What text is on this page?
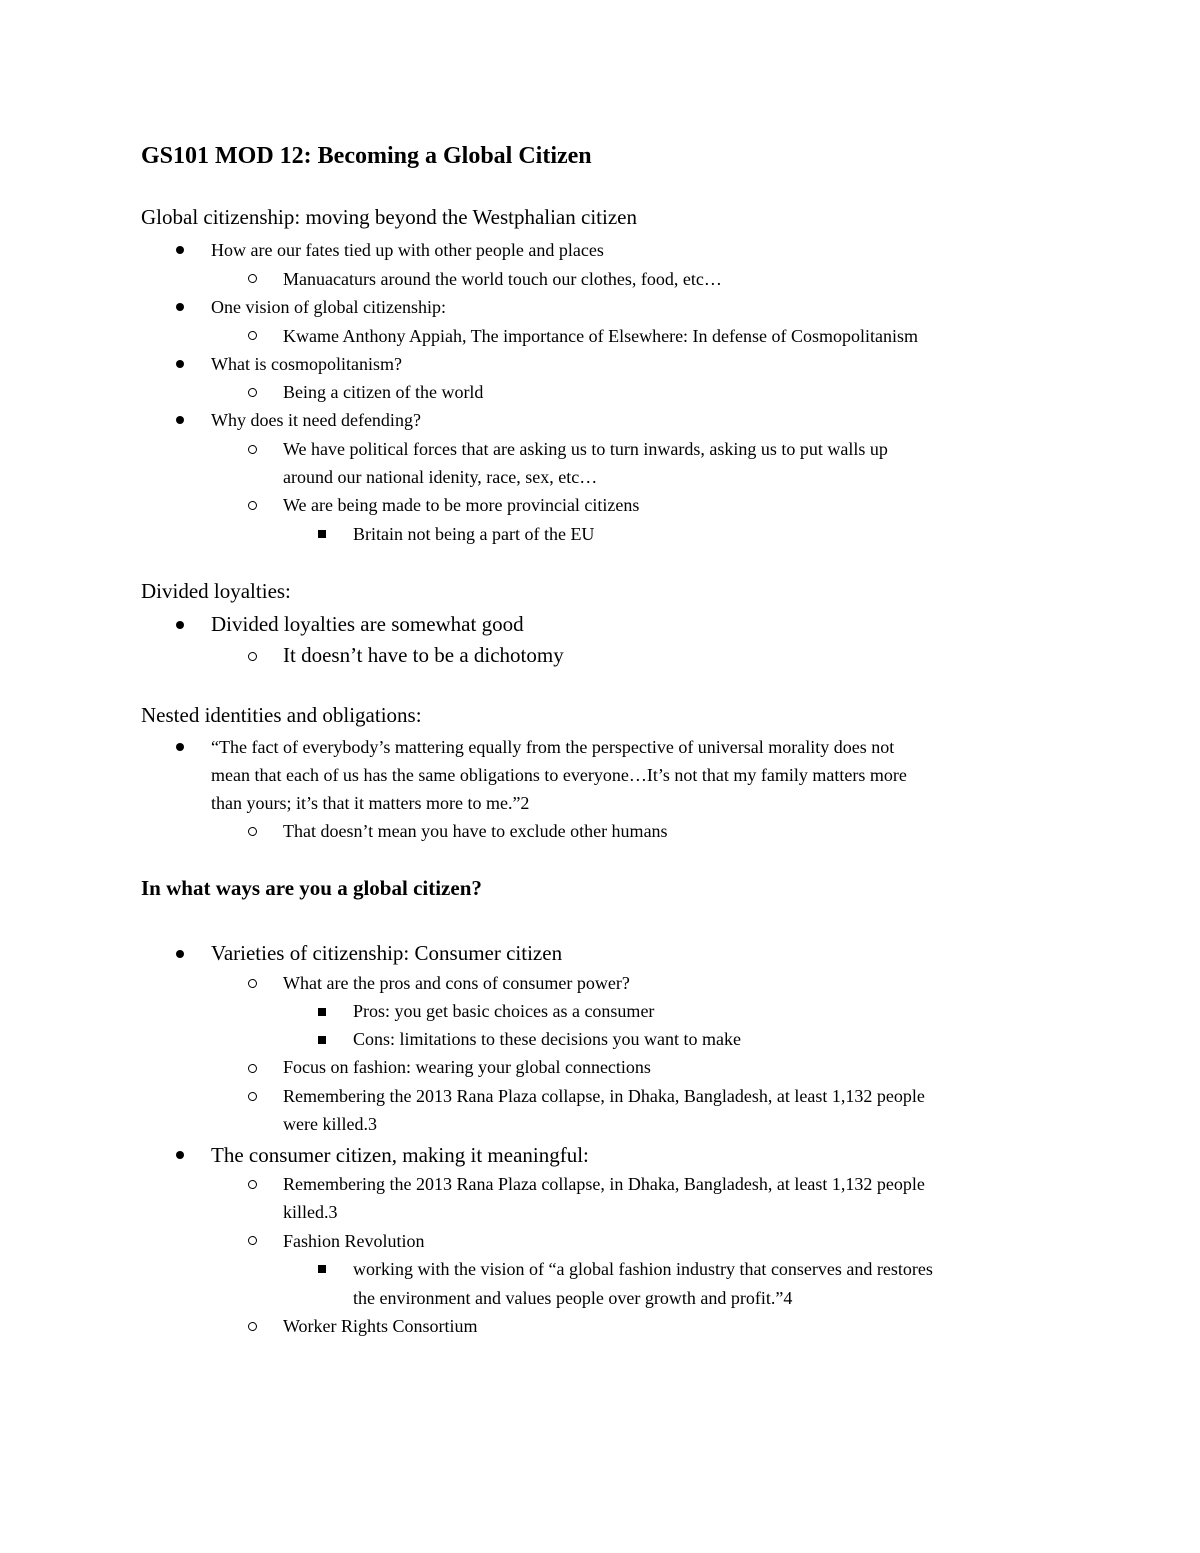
GS101 MOD 12: Becoming a Global Citizen
Global citizenship: moving beyond the Westphalian citizen
How are our fates tied up with other people and places
Manuacaturs around the world touch our clothes, food, etc…
One vision of global citizenship:
Kwame Anthony Appiah, The importance of Elsewhere: In defense of Cosmopolitanism
What is cosmopolitanism?
Being a citizen of the world
Why does it need defending?
We have political forces that are asking us to turn inwards, asking us to put walls up
around our national idenity, race, sex, etc…
We are being made to be more provincial citizens
Britain not being a part of the EU
Divided loyalties:
Divided loyalties are somewhat good
It doesn’t have to be a dichotomy
Nested identities and obligations:
“The fact of everybody’s mattering equally from the perspective of universal morality does not
mean that each of us has the same obligations to everyone…It’s not that my family matters more
than yours; it’s that it matters more to me.”2
That doesn’t mean you have to exclude other humans
In what ways are you a global citizen?
Varieties of citizenship: Consumer citizen
What are the pros and cons of consumer power?
Pros: you get basic choices as a consumer
Cons: limitations to these decisions you want to make
Focus on fashion: wearing your global connections
Remembering the 2013 Rana Plaza collapse, in Dhaka, Bangladesh, at least 1,132 people
were killed.3
The consumer citizen, making it meaningful:
Remembering the 2013 Rana Plaza collapse, in Dhaka, Bangladesh, at least 1,132 people
killed.3
Fashion Revolution
working with the vision of “a global fashion industry that conserves and restores
the environment and values people over growth and profit.”4
Worker Rights Consortium
